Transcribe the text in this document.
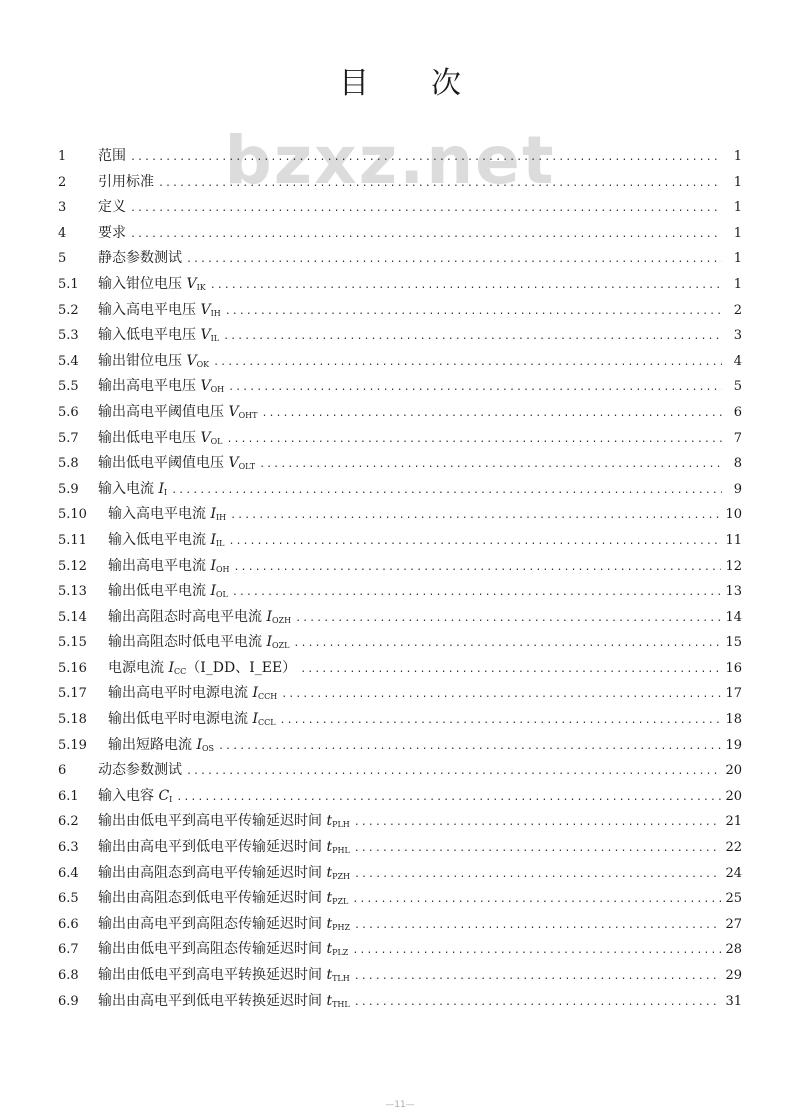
目次
bzxz.net
1	范围 .....	1
2	引用标准 .....	1
3	定义 .....	1
4	要求 .....	1
5	静态参数测试 .....	1
5.1	输入钳位电压 $V_{IK}$ .....	1
5.2	输入高电平电压 $V_{IH}$ .....	2
5.3	输入低电平电压 $V_{IL}$ .....	3
5.4	输出钳位电压 $V_{OK}$ .....	4
5.5	输出高电平电压 $V_{OH}$ .....	5
5.6	输出高电平阈值电压 $V_{OHT}$ .....	6
5.7	输出低电平电压 $V_{OL}$ .....	7
5.8	输出低电平阈值电压 $V_{OLT}$ .....	8
5.9	输入电流 $I_I$ .....	9
5.10	输入高电平电流 $I_{IH}$ .....	10
5.11	输入低电平电流 $I_{IL}$ .....	11
5.12	输出高电平电流 $I_{OH}$ .....	12
5.13	输出低电平电流 $I_{OL}$ .....	13
5.14	输出高阻态时高电平电流 $I_{OZH}$ .....	14
5.15	输出高阻态时低电平电流 $I_{OZL}$ .....	15
5.16	电源电流 $I_{CC}(I\_DD$、I_EE） .....	16
5.17	输出高电平时电源电流 $I_{CCH}$ .....	17
5.18	输出低电平时电源电流 $I_{CCL}$ .....	18
5.19	输出短路电流 $I_{OS}$ .....	19
6	动态参数测试 .....	20
6.1	输入电容 $C_I$ .....	20
6.2	输出由低电平到高电平传输延迟时间 $t_{PLH}$ .....	21
6.3	输出由高电平到低电平传输延迟时间 $t_{PHL}$ .....	22
6.4	输出由高阻态到高电平传输延迟时间 $t_{PZH}$ .....	24
6.5	输出由高阻态到低电平传输延迟时间 $t_{PZL}$ .....	25
6.6	输出由高电平到高阻态传输延迟时间 $t_{PHZ}$ .....	27
6.7	输出由低电平到高阻态传输延迟时间 $t_{PLZ}$ .....	28
6.8	输出由低电平到高电平转换延迟时间 $t_{TLH}$ .....	29
6.9	输出由高电平到低电平转换延迟时间 $t_{THL}$ .....	31
—11—
